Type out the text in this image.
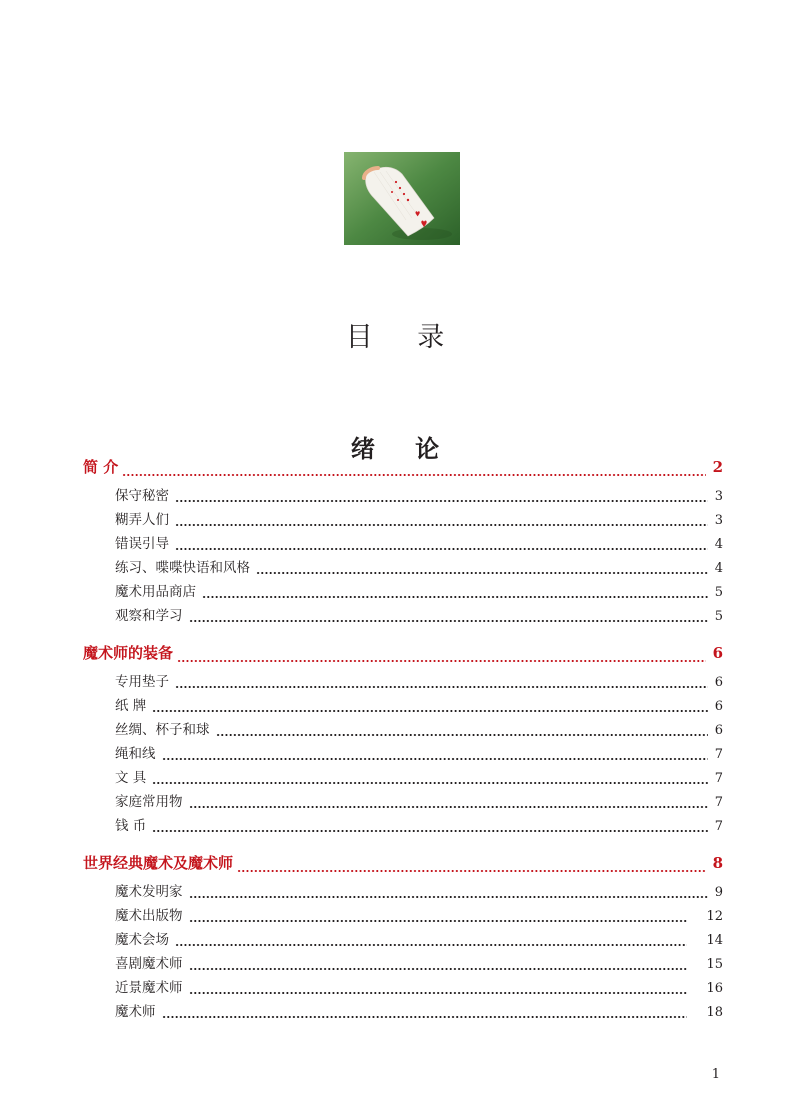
目 录
绪 论
简 介	2
保守秘密	3
糊弄人们	3
错误引导	4
练习、喋喋快语和风格	4
魔术用品商店	5
观察和学习	5
魔术师的装备	6
专用垫子	6
纸 牌	6
丝绸、杯子和球	6
绳和线	7
文 具	7
家庭常用物	7
钱 币	7
世界经典魔术及魔术师	8
魔术发明家	9
魔术出版物	12
魔术会场	14
喜剧魔术师	15
近景魔术师	16
魔术师	18
1
